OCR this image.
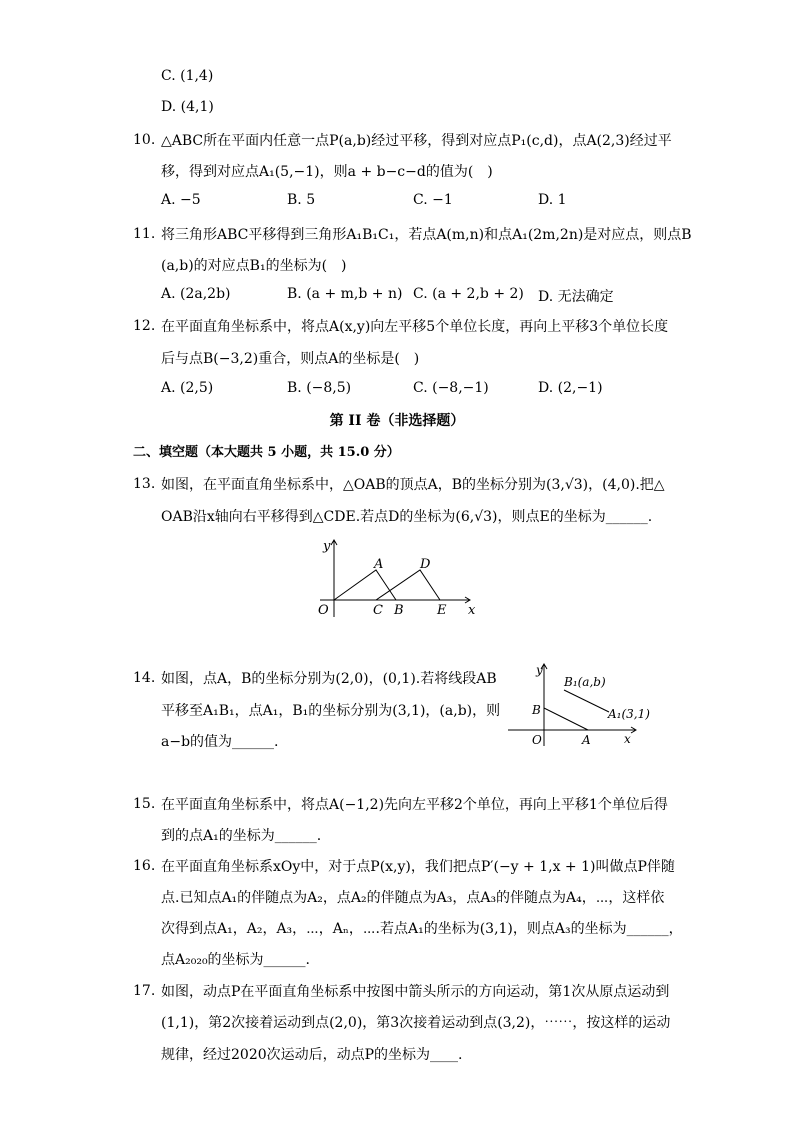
C. (1,4)
D. (4,1)
10. △ABC所在平面内任意一点P(a,b)经过平移，得到对应点P₁(c,d)，点A(2,3)经过平
移，得到对应点A₁(5,−1)，则a + b−c−d的值为(　)
A. −5	B. 5	C. −1	D. 1
11. 将三角形ABC平移得到三角形A₁B₁C₁，若点A(m,n)和点A₁(2m,2n)是对应点，则点B
(a,b)的对应点B₁的坐标为(　)
A. (2a,2b)	B. (a + m,b + n) C. (a + 2,b + 2) D. 无法确定
12. 在平面直角坐标系中，将点A(x,y)向左平移5个单位长度，再向上平移3个单位长度
后与点B(−3,2)重合，则点A的坐标是(　)
A. (2,5)	B. (−8,5)	C. (−8,−1)	D. (2,−1)
第 II 卷（非选择题）
二、填空题（本大题共 5 小题，共 15.0 分）
13. 如图，在平面直角坐标系中，△OAB的顶点A，B的坐标分别为(3,√3)，(4,0).把△
OAB沿x轴向右平移得到△CDE.若点D的坐标为(6,√3)，则点E的坐标为______.
y
x
O
A	D
C B	E
14. 如图，点A，B的坐标分别为(2,0)，(0,1).若将线段AB
平移至A₁B₁，点A₁，B₁的坐标分别为(3,1)，(a,b)，则
a−b的值为______.
y
x
O	A
B
B₁(a,b)
A₁(3,1)
15. 在平面直角坐标系中，将点A(−1,2)先向左平移2个单位，再向上平移1个单位后得
到的点A₁的坐标为______.
16. 在平面直角坐标系xOy中，对于点P(x,y)，我们把点P′(−y + 1,x + 1)叫做点P伴随
点.已知点A₁的伴随点为A₂，点A₂的伴随点为A₃，点A₃的伴随点为A₄，⋯，这样依
次得到点A₁，A₂，A₃，⋯，Aₙ，⋯.若点A₁的坐标为(3,1)，则点A₃的坐标为______，
点A₂₀₂₀的坐标为______.
17. 如图，动点P在平面直角坐标系中按图中箭头所示的方向运动，第1次从原点运动到
(1,1)，第2次接着运动到点(2,0)，第3次接着运动到点(3,2)，⋯⋯，按这样的运动
规律，经过2020次运动后，动点P的坐标为____.
